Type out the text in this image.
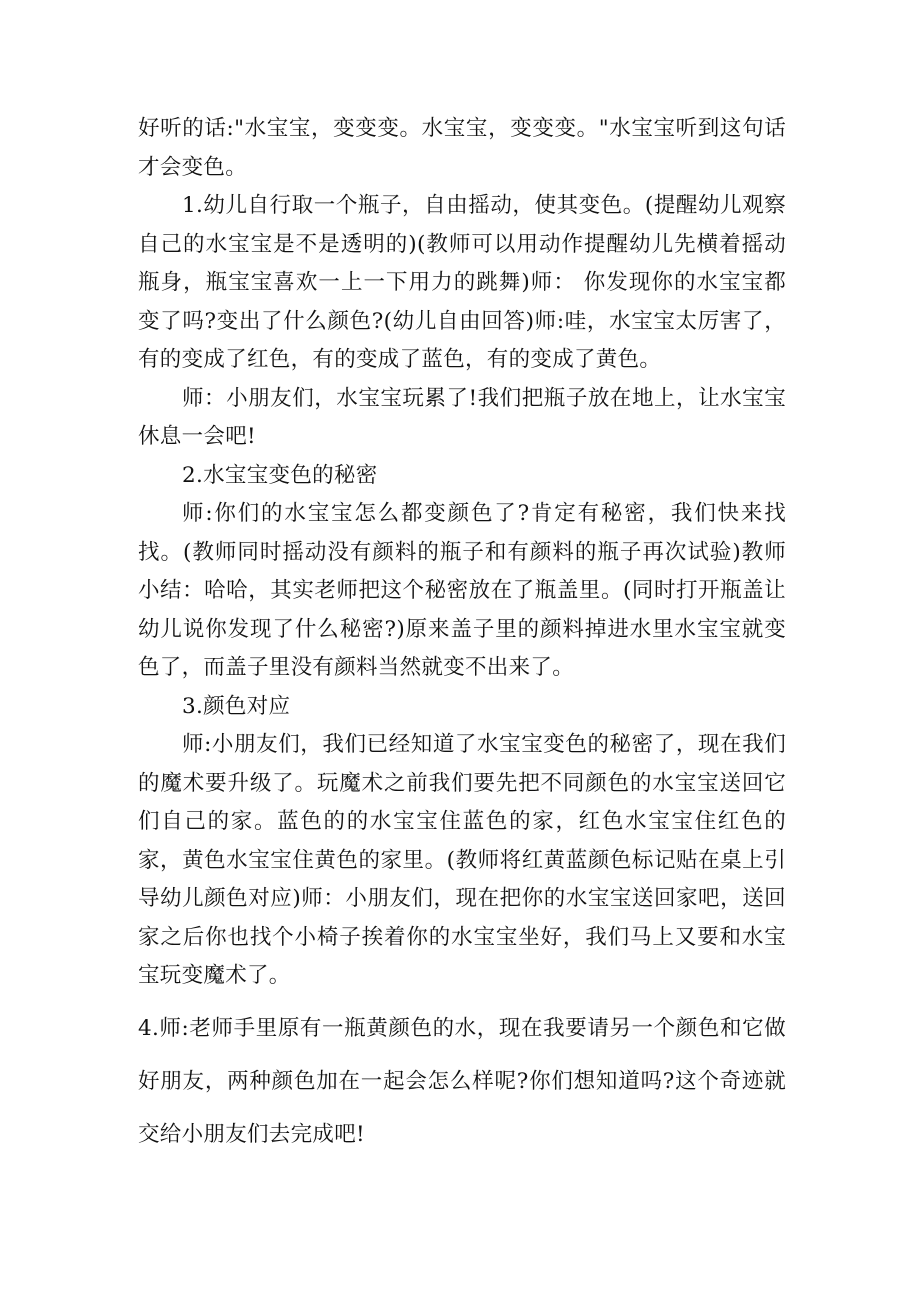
好听的话:"水宝宝，变变变。水宝宝，变变变。"水宝宝听到这句话才会变色。

1.幼儿自行取一个瓶子，自由摇动，使其变色。(提醒幼儿观察自己的水宝宝是不是透明的)(教师可以用动作提醒幼儿先横着摇动瓶身，瓶宝宝喜欢一上一下用力的跳舞)师： 你发现你的水宝宝都变了吗?变出了什么颜色?(幼儿自由回答)师:哇，水宝宝太厉害了，有的变成了红色，有的变成了蓝色，有的变成了黄色。

师：小朋友们，水宝宝玩累了!我们把瓶子放在地上，让水宝宝休息一会吧!

2.水宝宝变色的秘密

师:你们的水宝宝怎么都变颜色了?肯定有秘密，我们快来找找。(教师同时摇动没有颜料的瓶子和有颜料的瓶子再次试验)教师小结：哈哈，其实老师把这个秘密放在了瓶盖里。(同时打开瓶盖让幼儿说你发现了什么秘密?)原来盖子里的颜料掉进水里水宝宝就变色了，而盖子里没有颜料当然就变不出来了。

3.颜色对应

师:小朋友们，我们已经知道了水宝宝变色的秘密了，现在我们的魔术要升级了。玩魔术之前我们要先把不同颜色的水宝宝送回它们自己的家。蓝色的的水宝宝住蓝色的家，红色水宝宝住红色的家，黄色水宝宝住黄色的家里。(教师将红黄蓝颜色标记贴在桌上引导幼儿颜色对应)师：小朋友们，现在把你的水宝宝送回家吧，送回家之后你也找个小椅子挨着你的水宝宝坐好，我们马上又要和水宝宝玩变魔术了。

4.师:老师手里原有一瓶黄颜色的水，现在我要请另一个颜色和它做好朋友，两种颜色加在一起会怎么样呢?你们想知道吗?这个奇迹就交给小朋友们去完成吧!
